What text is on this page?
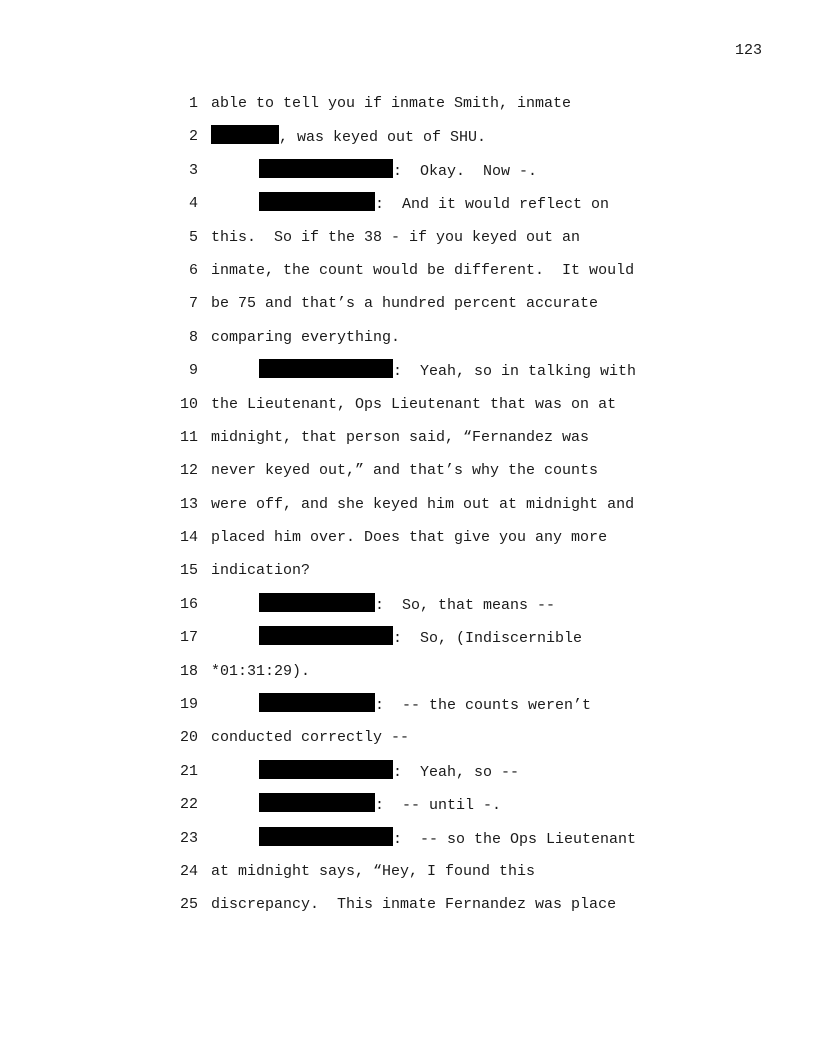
123
1 able to tell you if inmate Smith, inmate
2	, was keyed out of SHU.
3	:  Okay.  Now -.
4	:  And it would reflect on
5 this.  So if the 38 - if you keyed out an
6 inmate, the count would be different.  It would
7 be 75 and that’s a hundred percent accurate
8 comparing everything.
9	:  Yeah, so in talking with
10 the Lieutenant, Ops Lieutenant that was on at
11 midnight, that person said, “Fernandez was
12 never keyed out,” and that’s why the counts
13 were off, and she keyed him out at midnight and
14 placed him over. Does that give you any more
15 indication?
16	:  So, that means --
17	:  So, (Indiscernible
18 *01:31:29).
19	:  -- the counts weren’t
20 conducted correctly --
21	:  Yeah, so --
22	:  -- until -.
23	:  -- so the Ops Lieutenant
24 at midnight says, “Hey, I found this
25 discrepancy.  This inmate Fernandez was place
